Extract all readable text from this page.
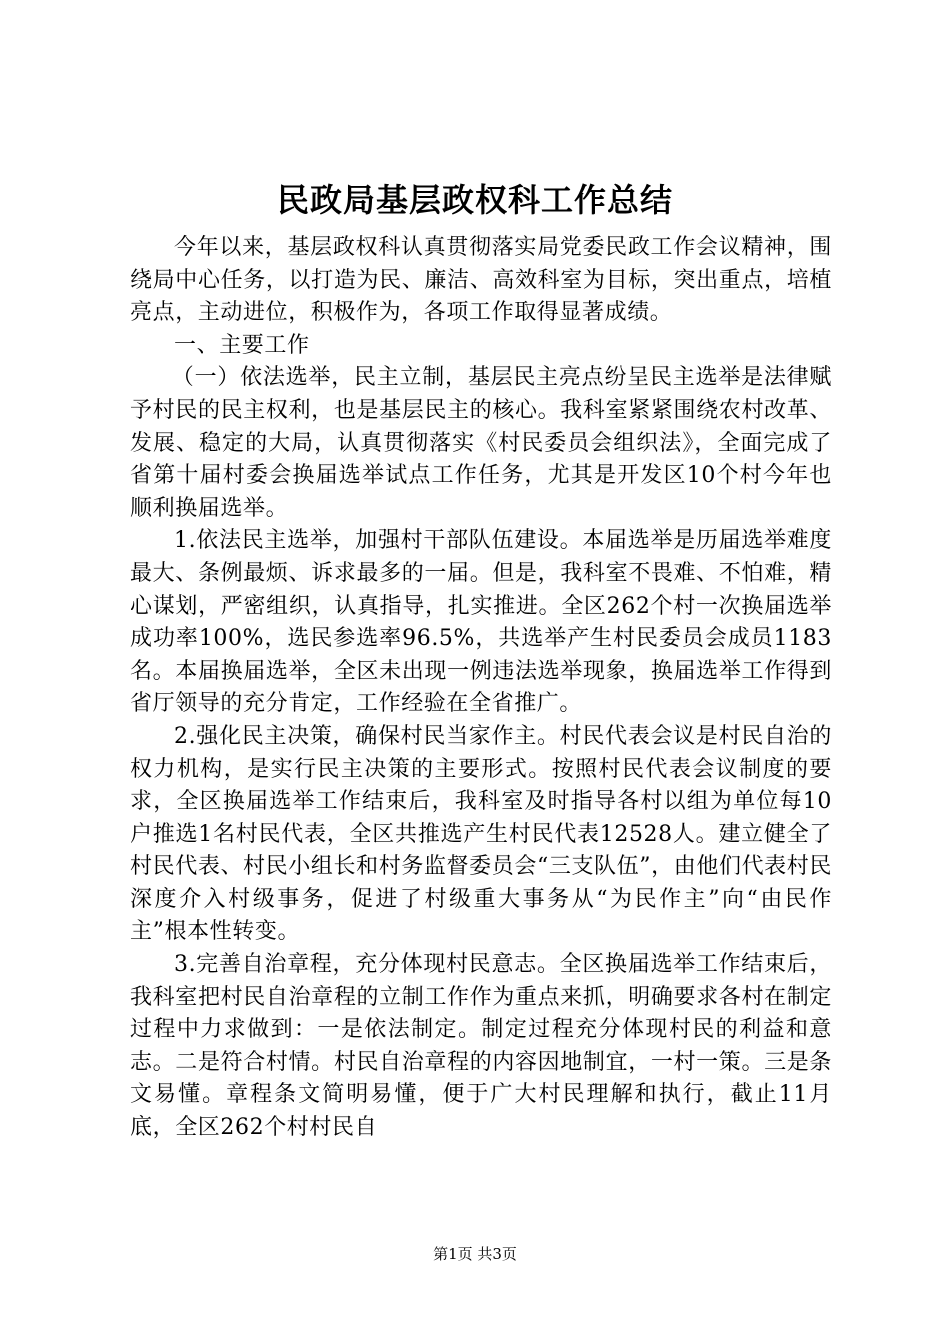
民政局基层政权科工作总结

今年以来，基层政权科认真贯彻落实局党委民政工作会议精神，围绕局中心任务，以打造为民、廉洁、高效科室为目标，突出重点，培植亮点，主动进位，积极作为，各项工作取得显著成绩。

一、主要工作

（一）依法选举，民主立制，基层民主亮点纷呈民主选举是法律赋予村民的民主权利，也是基层民主的核心。我科室紧紧围绕农村改革、发展、稳定的大局，认真贯彻落实《村民委员会组织法》，全面完成了省第十届村委会换届选举试点工作任务，尤其是开发区10个村今年也顺利换届选举。

1.依法民主选举，加强村干部队伍建设。本届选举是历届选举难度最大、条例最烦、诉求最多的一届。但是，我科室不畏难、不怕难，精心谋划，严密组织，认真指导，扎实推进。全区262个村一次换届选举成功率100%，选民参选率96.5%，共选举产生村民委员会成员1183名。本届换届选举，全区未出现一例违法选举现象，换届选举工作得到省厅领导的充分肯定，工作经验在全省推广。

2.强化民主决策，确保村民当家作主。村民代表会议是村民自治的权力机构，是实行民主决策的主要形式。按照村民代表会议制度的要求，全区换届选举工作结束后，我科室及时指导各村以组为单位每10户推选1名村民代表，全区共推选产生村民代表12528人。建立健全了村民代表、村民小组长和村务监督委员会“三支队伍”，由他们代表村民深度介入村级事务，促进了村级重大事务从“为民作主”向“由民作主”根本性转变。

3.完善自治章程，充分体现村民意志。全区换届选举工作结束后，我科室把村民自治章程的立制工作作为重点来抓，明确要求各村在制定过程中力求做到：一是依法制定。制定过程充分体现村民的利益和意志。二是符合村情。村民自治章程的内容因地制宜，一村一策。三是条文易懂。章程条文简明易懂，便于广大村民理解和执行，截止11月底，全区262个村村民自

第1页 共3页
